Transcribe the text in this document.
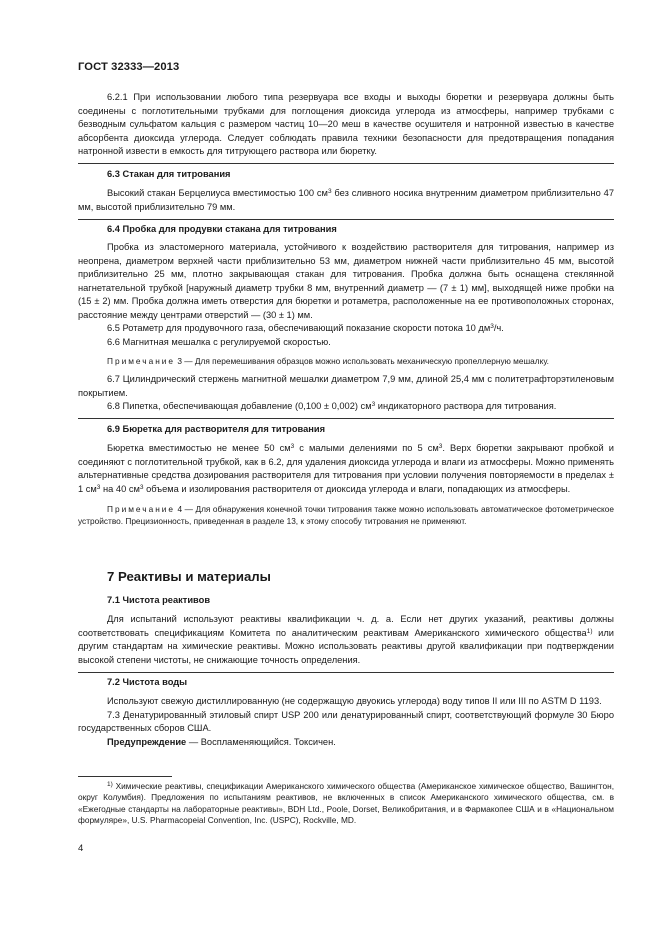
ГОСТ 32333—2013

6.2.1 При использовании любого типа резервуара все входы и выходы бюретки и резервуара должны быть соединены с поглотительными трубками для поглощения диоксида углерода из атмосферы, например трубками с безводным сульфатом кальция с размером частиц 10—20 меш в качестве осушителя и натронной известью в качестве абсорбента диоксида углерода. Следует соблюдать правила техники безопасности для предотвращения попадания натронной извести в емкость для титрующего раствора или бюретку.

6.3 Стакан для титрования

Высокий стакан Берцелиуса вместимостью 100 $см^3$ без сливного носика внутренним диаметром приблизительно 47 мм, высотой приблизительно 79 мм.

6.4 Пробка для продувки стакана для титрования

Пробка из эластомерного материала, устойчивого к воздействию растворителя для титрования, например из неопрена, диаметром верхней части приблизительно 53 мм, диаметром нижней части приблизительно 45 мм, высотой приблизительно 25 мм, плотно закрывающая стакан для титрования. Пробка должна быть оснащена стеклянной нагнетательной трубкой [наружный диаметр трубки 8 мм, внутренний диаметр — (7 ± 1) мм], выходящей ниже пробки на (15 ± 2) мм. Пробка должна иметь отверстия для бюретки и ротаметра, расположенные на ее противоположных сторонах, расстояние между центрами отверстий — (30 ± 1) мм.

6.5 Ротаметр для продувочного газа, обеспечивающий показание скорости потока 10 $дм^3/ч$.

6.6 Магнитная мешалка с регулируемой скоростью.

Примечание 3 — Для перемешивания образцов можно использовать механическую пропеллерную мешалку.

6.7 Цилиндрический стержень магнитной мешалки диаметром 7,9 мм, длиной 25,4 мм с политетрафторэтиленовым покрытием.

6.8 Пипетка, обеспечивающая добавление (0,100 ± 0,002) $см^3$ индикаторного раствора для титрования.

6.9 Бюретка для растворителя для титрования

Бюретка вместимостью не менее 50 $см^3$ с малыми делениями по 5 $см^3$. Верх бюретки закрывают пробкой и соединяют с поглотительной трубкой, как в 6.2, для удаления диоксида углерода и влаги из атмосферы. Можно применять альтернативные средства дозирования растворителя для титрования при условии получения повторяемости в пределах ± 1 $см^3$ на 40 $см^3$ объема и изолирования растворителя от диоксида углерода и влаги, попадающих из атмосферы.

Примечание 4 — Для обнаружения конечной точки титрования также можно использовать автоматическое фотометрическое устройство. Прецизионность, приведенная в разделе 13, к этому способу титрования не применяют.

7 Реактивы и материалы

7.1 Чистота реактивов

Для испытаний используют реактивы квалификации ч. д. а. Если нет других указаний, реактивы должны соответствовать спецификациям Комитета по аналитическим реактивам Американского химического общества$^{1)}$ или другим стандартам на химические реактивы. Можно использовать реактивы другой квалификации при подтверждении высокой степени чистоты, не снижающие точность определения.

7.2 Чистота воды

Используют свежую дистиллированную (не содержащую двуокись углерода) воду типов II или III по ASTM D 1193.

7.3 Денатурированный этиловый спирт USP 200 или денатурированный спирт, соответствующий формуле 30 Бюро государственных сборов США.

Предупреждение — Воспламеняющийся. Токсичен.

$^{1)}$ Химические реактивы, спецификации Американского химического общества (Американское химическое общество, Вашингтон, округ Колумбия). Предложения по испытаниям реактивов, не включенных в список Американского химического общества, см. в «Ежегодные стандарты на лабораторные реактивы», BDH Ltd., Poole, Dorset, Великобритания, и в Фармакопее США и в «Национальном формуляре», U.S. Pharmacopeial Convention, Inc. (USPC), Rockville, MD.

4
